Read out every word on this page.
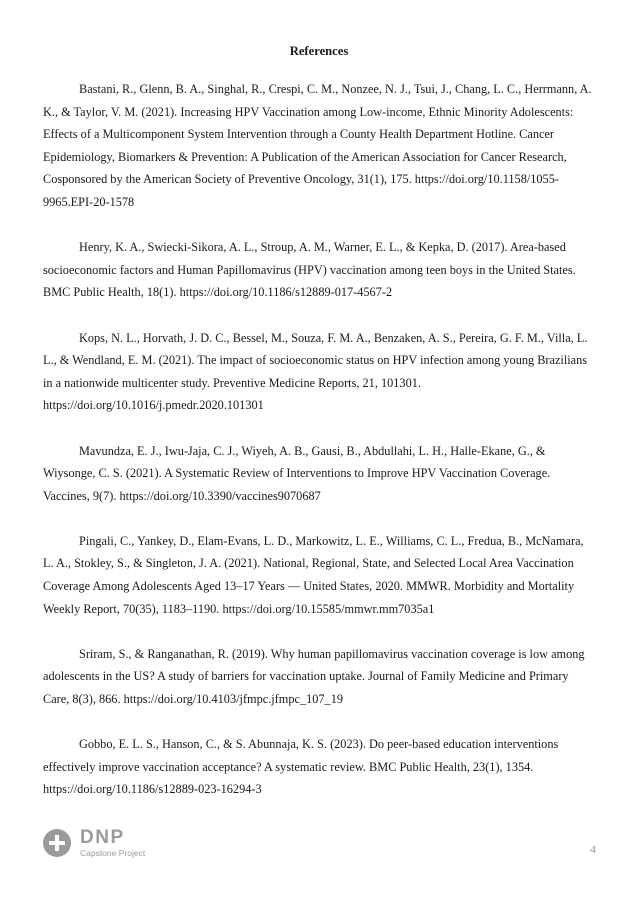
References

Bastani, R., Glenn, B. A., Singhal, R., Crespi, C. M., Nonzee, N. J., Tsui, J., Chang, L. C., Herrmann, A. K., & Taylor, V. M. (2021). Increasing HPV Vaccination among Low-income, Ethnic Minority Adolescents: Effects of a Multicomponent System Intervention through a County Health Department Hotline. Cancer Epidemiology, Biomarkers & Prevention: A Publication of the American Association for Cancer Research, Cosponsored by the American Society of Preventive Oncology, 31(1), 175. https://doi.org/10.1158/1055-9965.EPI-20-1578

Henry, K. A., Swiecki-Sikora, A. L., Stroup, A. M., Warner, E. L., & Kepka, D. (2017). Area-based socioeconomic factors and Human Papillomavirus (HPV) vaccination among teen boys in the United States. BMC Public Health, 18(1). https://doi.org/10.1186/s12889-017-4567-2

Kops, N. L., Horvath, J. D. C., Bessel, M., Souza, F. M. A., Benzaken, A. S., Pereira, G. F. M., Villa, L. L., & Wendland, E. M. (2021). The impact of socioeconomic status on HPV infection among young Brazilians in a nationwide multicenter study. Preventive Medicine Reports, 21, 101301. https://doi.org/10.1016/j.pmedr.2020.101301

Mavundza, E. J., Iwu-Jaja, C. J., Wiyeh, A. B., Gausi, B., Abdullahi, L. H., Halle-Ekane, G., & Wiysonge, C. S. (2021). A Systematic Review of Interventions to Improve HPV Vaccination Coverage. Vaccines, 9(7). https://doi.org/10.3390/vaccines9070687

Pingali, C., Yankey, D., Elam-Evans, L. D., Markowitz, L. E., Williams, C. L., Fredua, B., McNamara, L. A., Stokley, S., & Singleton, J. A. (2021). National, Regional, State, and Selected Local Area Vaccination Coverage Among Adolescents Aged 13–17 Years — United States, 2020. MMWR. Morbidity and Mortality Weekly Report, 70(35), 1183–1190. https://doi.org/10.15585/mmwr.mm7035a1

Sriram, S., & Ranganathan, R. (2019). Why human papillomavirus vaccination coverage is low among adolescents in the US? A study of barriers for vaccination uptake. Journal of Family Medicine and Primary Care, 8(3), 866. https://doi.org/10.4103/jfmpc.jfmpc_107_19

Gobbo, E. L. S., Hanson, C., & S. Abunnaja, K. S. (2023). Do peer-based education interventions effectively improve vaccination acceptance? A systematic review. BMC Public Health, 23(1), 1354. https://doi.org/10.1186/s12889-023-16294-3

DNP
Capstone Project	4
